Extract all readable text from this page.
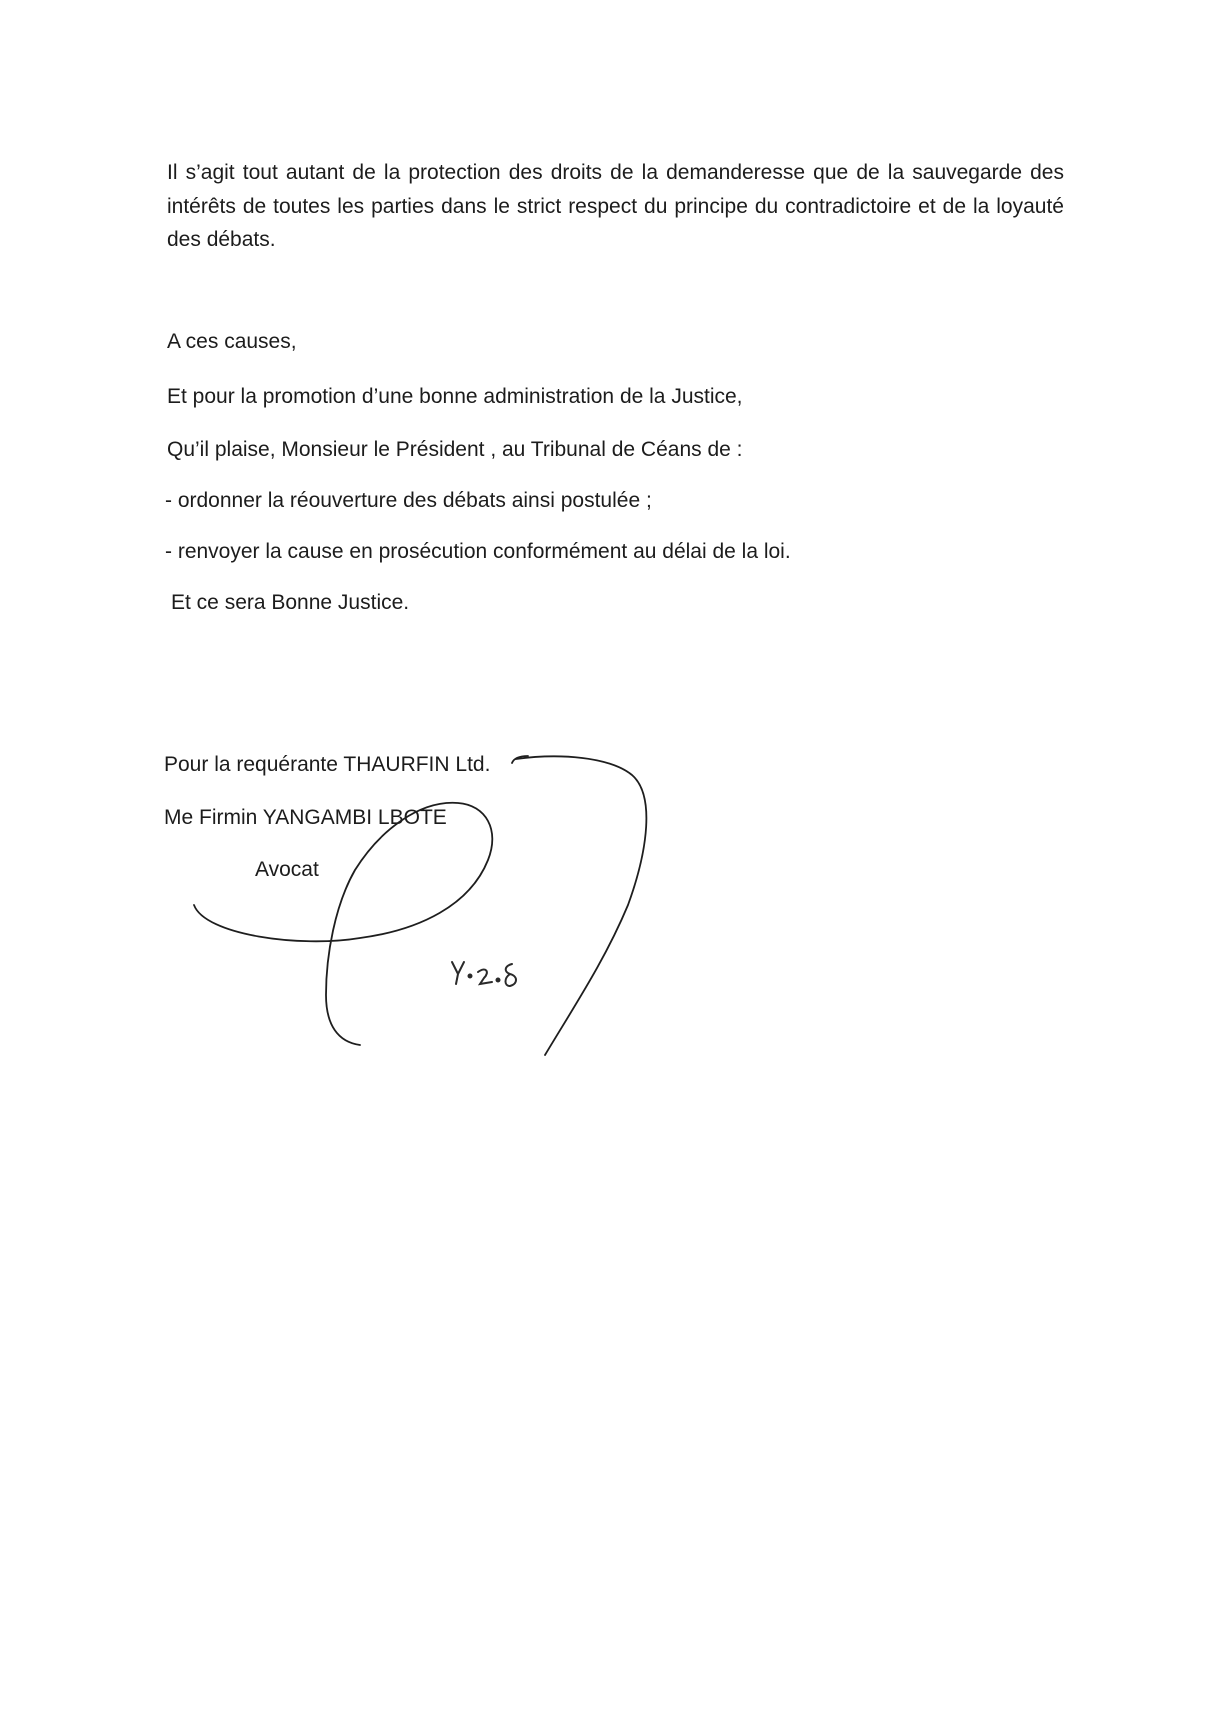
Il s’agit tout autant de la protection des droits de la demanderesse que de la sauvegarde des intérêts de toutes les parties dans le strict respect du principe du contradictoire et de la loyauté des débats.

A ces causes,

Et pour la promotion d’une bonne administration de la Justice,

Qu’il plaise, Monsieur le Président , au Tribunal de Céans de :

- ordonner la réouverture des débats ainsi postulée ;

- renvoyer la cause en prosécution conformément au délai de la loi.

Et ce sera Bonne Justice.

Pour la requérante THAURFIN Ltd.

Me Firmin YANGAMBI LBOTE

Avocat
